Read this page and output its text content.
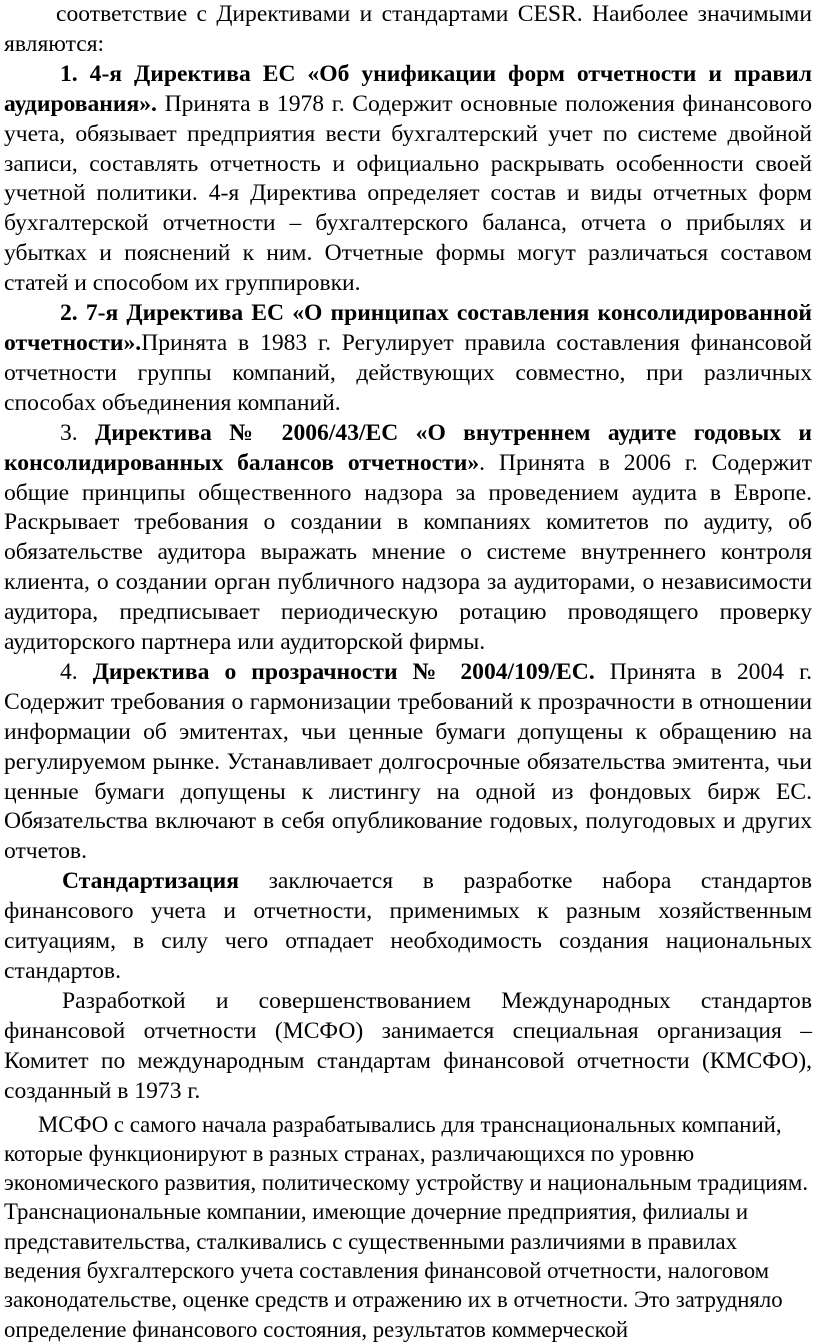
соответствие с Директивами и стандартами CESR. Наиболее значимыми являются:

1. 4-я Директива ЕС «Об унификации форм отчетности и правил аудирования». Принята в 1978 г. Содержит основные положения финансового учета, обязывает предприятия вести бухгалтерский учет по системе двойной записи, составлять отчетность и официально раскрывать особенности своей учетной политики. 4-я Директива определяет состав и виды отчетных форм бухгалтерской отчетности – бухгалтерского баланса, отчета о прибылях и убытках и пояснений к ним. Отчетные формы могут различаться составом статей и способом их группировки.

2. 7-я Директива ЕС «О принципах составления консолидированной отчетности».Принята в 1983 г. Регулирует правила составления финансовой отчетности группы компаний, действующих совместно, при различных способах объединения компаний.

3. Директива № 2006/43/ЕС «О внутреннем аудите годовых и консолидированных балансов отчетности». Принята в 2006 г. Содержит общие принципы общественного надзора за проведением аудита в Европе. Раскрывает требования о создании в компаниях комитетов по аудиту, об обязательстве аудитора выражать мнение о системе внутреннего контроля клиента, о создании орган публичного надзора за аудиторами, о независимости аудитора, предписывает периодическую ротацию проводящего проверку аудиторского партнера или аудиторской фирмы.

4. Директива о прозрачности № 2004/109/ЕС. Принята в 2004 г. Содержит требования о гармонизации требований к прозрачности в отношении информации об эмитентах, чьи ценные бумаги допущены к обращению на регулируемом рынке. Устанавливает долгосрочные обязательства эмитента, чьи ценные бумаги допущены к листингу на одной из фондовых бирж ЕС. Обязательства включают в себя опубликование годовых, полугодовых и других отчетов.

Стандартизация заключается в разработке набора стандартов финансового учета и отчетности, применимых к разным хозяйственным ситуациям, в силу чего отпадает необходимость создания национальных стандартов.

Разработкой и совершенствованием Международных стандартов финансовой отчетности (МСФО) занимается специальная организация – Комитет по международным стандартам финансовой отчетности (КМСФО), созданный в 1973 г.

МСФО с самого начала разрабатывались для транснациональных компаний, которые функционируют в разных странах, различающихся по уровню экономического развития, политическому устройству и национальным традициям. Транснациональные компании, имеющие дочерние предприятия, филиалы и представительства, сталкивались с существенными различиями в правилах ведения бухгалтерского учета составления финансовой отчетности, налоговом законодательстве, оценке средств и отражению их в отчетности. Это затрудняло определение финансового состояния, результатов коммерческой
